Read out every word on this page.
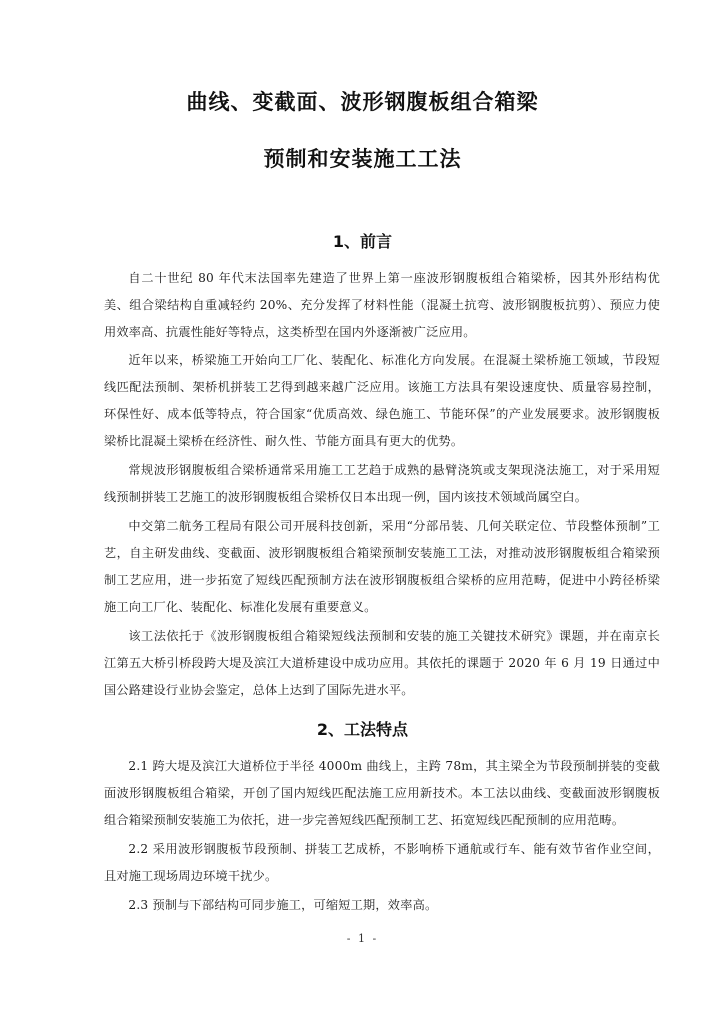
曲线、变截面、波形钢腹板组合箱梁
预制和安装施工工法
1、前言

自二十世纪 80 年代末法国率先建造了世界上第一座波形钢腹板组合箱梁桥，因其外形结构优美、组合梁结构自重减轻约 20%、充分发挥了材料性能（混凝土抗弯、波形钢腹板抗剪）、预应力使用效率高、抗震性能好等特点，这类桥型在国内外逐渐被广泛应用。

近年以来，桥梁施工开始向工厂化、装配化、标准化方向发展。在混凝土梁桥施工领域，节段短线匹配法预制、架桥机拼装工艺得到越来越广泛应用。该施工方法具有架设速度快、质量容易控制，环保性好、成本低等特点，符合国家“优质高效、绿色施工、节能环保”的产业发展要求。波形钢腹板梁桥比混凝土梁桥在经济性、耐久性、节能方面具有更大的优势。

常规波形钢腹板组合梁桥通常采用施工工艺趋于成熟的悬臂浇筑或支架现浇法施工，对于采用短线预制拼装工艺施工的波形钢腹板组合梁桥仅日本出现一例，国内该技术领域尚属空白。

中交第二航务工程局有限公司开展科技创新，采用“分部吊装、几何关联定位、节段整体预制”工艺，自主研发曲线、变截面、波形钢腹板组合箱梁预制安装施工工法，对推动波形钢腹板组合箱梁预制工艺应用，进一步拓宽了短线匹配预制方法在波形钢腹板组合梁桥的应用范畴，促进中小跨径桥梁施工向工厂化、装配化、标准化发展有重要意义。

该工法依托于《波形钢腹板组合箱梁短线法预制和安装的施工关键技术研究》课题，并在南京长江第五大桥引桥段跨大堤及滨江大道桥建设中成功应用。其依托的课题于 2020 年 6 月 19 日通过中国公路建设行业协会鉴定，总体上达到了国际先进水平。

2、工法特点

2.1 跨大堤及滨江大道桥位于半径 4000m 曲线上，主跨 78m，其主梁全为节段预制拼装的变截面波形钢腹板组合箱梁，开创了国内短线匹配法施工应用新技术。本工法以曲线、变截面波形钢腹板组合箱梁预制安装施工为依托，进一步完善短线匹配预制工艺、拓宽短线匹配预制的应用范畴。

2.2 采用波形钢腹板节段预制、拼装工艺成桥，不影响桥下通航或行车、能有效节省作业空间，且对施工现场周边环境干扰少。

2.3 预制与下部结构可同步施工，可缩短工期，效率高。

- 1 -
